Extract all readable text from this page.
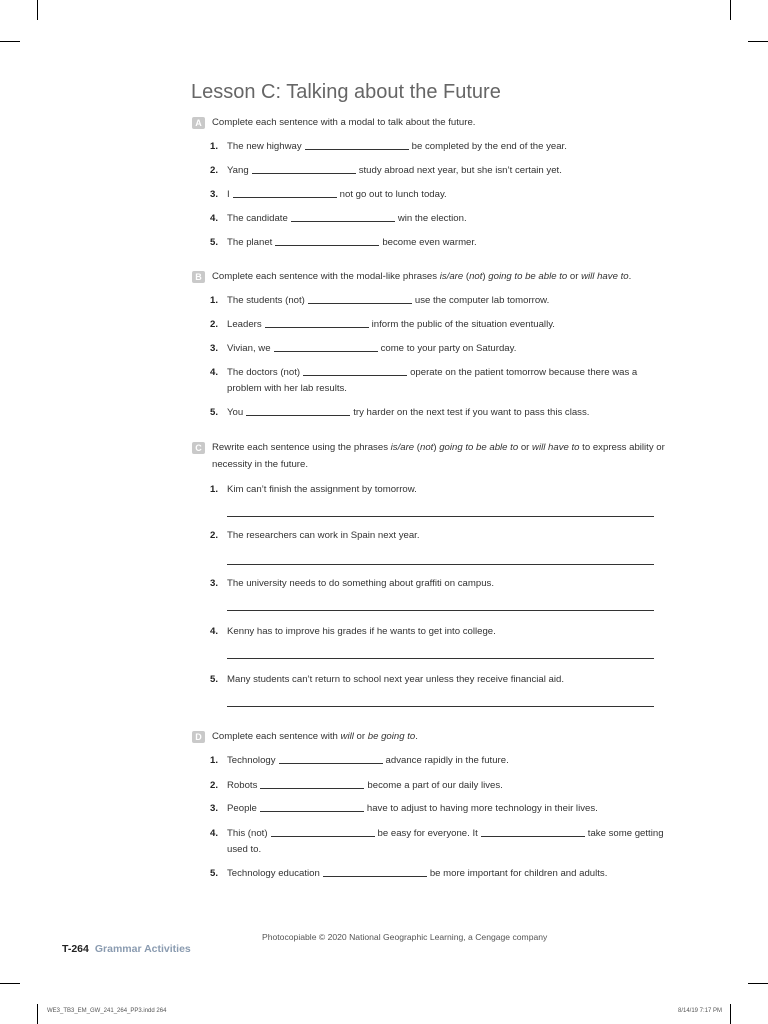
Lesson C: Talking about the Future
A	Complete each sentence with a modal to talk about the future.
1. The new highway	be completed by the end of the year.
2. Yang	study abroad next year, but she isn’t certain yet.
3. I	not go out to lunch today.
4. The candidate	win the election.
5. The planet	become even warmer.
B	Complete each sentence with the modal-like phrases is/are (not) going to be able to or will have to.
1. The students (not)	use the computer lab tomorrow.
2. Leaders	inform the public of the situation eventually.
3. Vivian, we	come to your party on Saturday.
4. The doctors (not)	operate on the patient tomorrow because there was a
problem with her lab results.
5. You	try harder on the next test if you want to pass this class.
C	Rewrite each sentence using the phrases is/are (not) going to be able to or will have to to express ability or
necessity in the future.
1. Kim can’t finish the assignment by tomorrow.
2. The researchers can work in Spain next year.
3. The university needs to do something about graffiti on campus.
4. Kenny has to improve his grades if he wants to get into college.
5. Many students can’t return to school next year unless they receive financial aid.
D	Complete each sentence with will or be going to.
1. Technology	advance rapidly in the future.
2. Robots	become a part of our daily lives.
3. People	have to adjust to having more technology in their lives.
4. This (not)	be easy for everyone. It	take some getting
used to.
5. Technology education	be more important for children and adults.
Photocopiable © 2020 National Geographic Learning, a Cengage company
T-264 Grammar Activities
WE3_TB3_EM_GW_241_264_PP3.indd 264	8/14/19 7:17 PM
